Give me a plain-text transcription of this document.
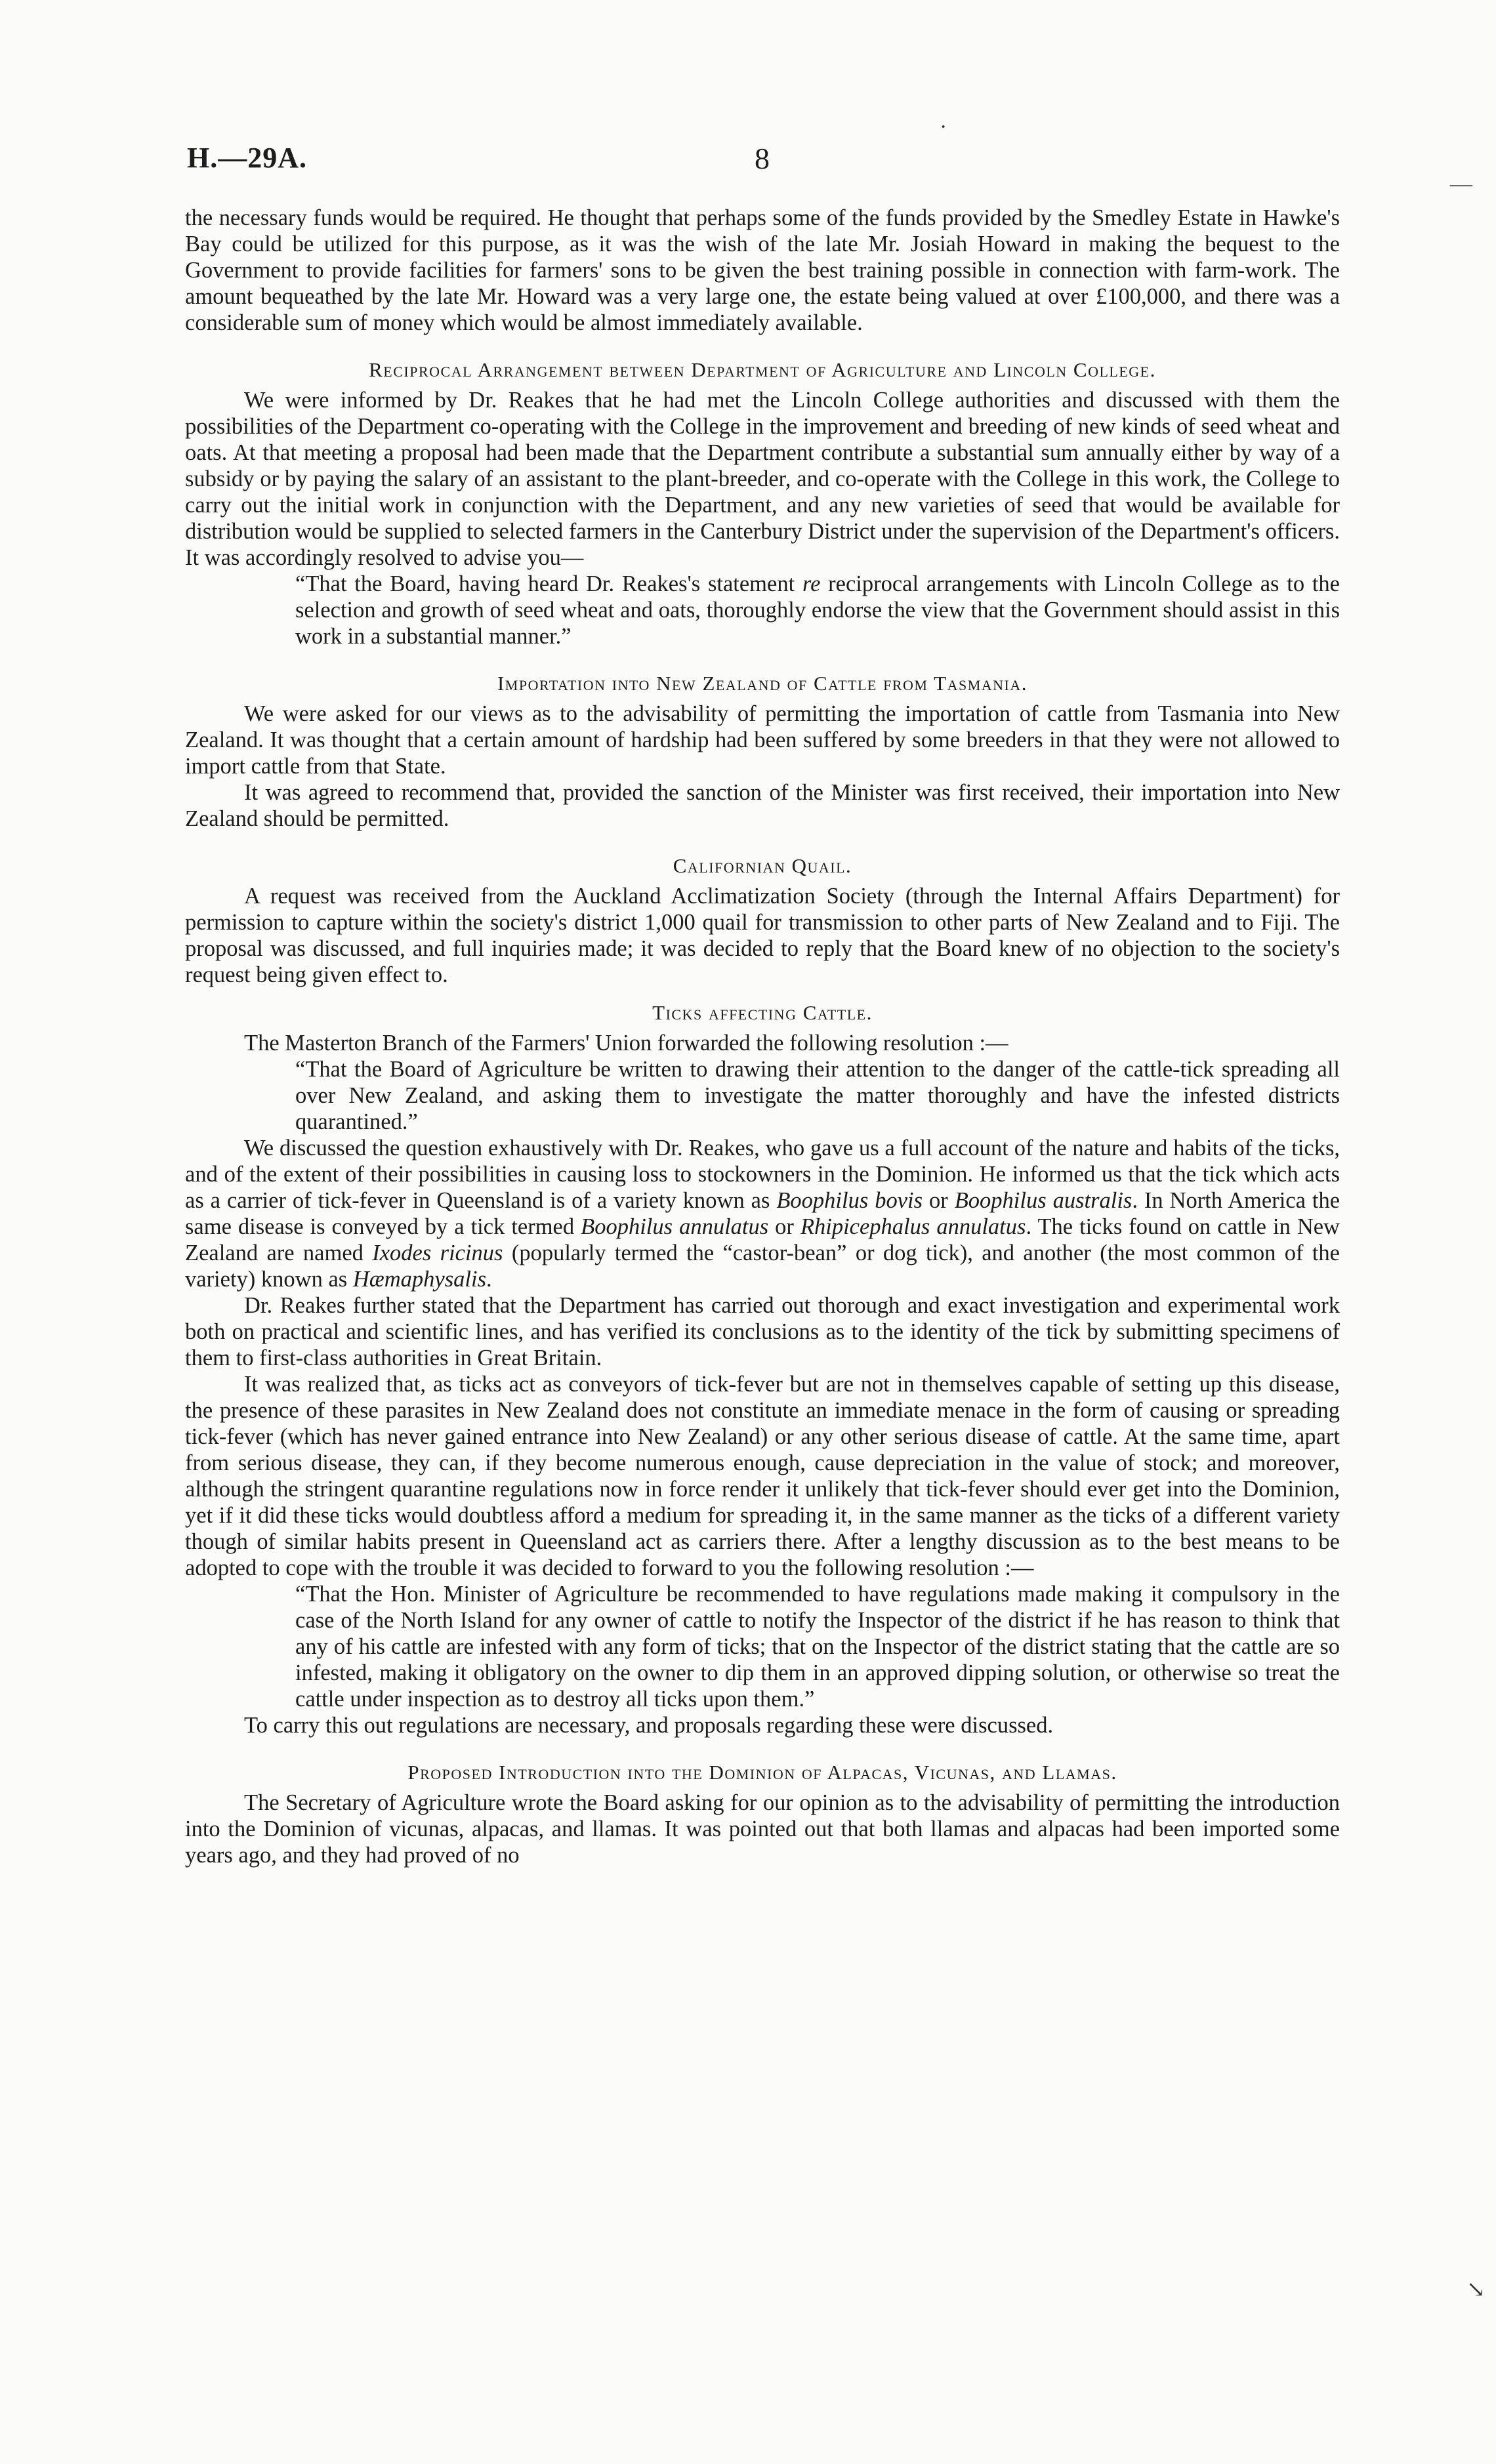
H.—29A.	8
·
—
↘

the necessary funds would be required. He thought that perhaps some of the funds provided by the Smedley Estate in Hawke's Bay could be utilized for this purpose, as it was the wish of the late Mr. Josiah Howard in making the bequest to the Government to provide facilities for farmers' sons to be given the best training possible in connection with farm-work. The amount bequeathed by the late Mr. Howard was a very large one, the estate being valued at over £100,000, and there was a considerable sum of money which would be almost immediately available.

Reciprocal Arrangement between Department of Agriculture and Lincoln College.

We were informed by Dr. Reakes that he had met the Lincoln College authorities and discussed with them the possibilities of the Department co-operating with the College in the improvement and breeding of new kinds of seed wheat and oats. At that meeting a proposal had been made that the Department contribute a substantial sum annually either by way of a subsidy or by paying the salary of an assistant to the plant-breeder, and co-operate with the College in this work, the College to carry out the initial work in conjunction with the Department, and any new varieties of seed that would be available for distribution would be supplied to selected farmers in the Canterbury District under the supervision of the Department's officers. It was accordingly resolved to advise you—

“That the Board, having heard Dr. Reakes's statement re reciprocal arrangements with Lincoln College as to the selection and growth of seed wheat and oats, thoroughly endorse the view that the Government should assist in this work in a substantial manner.”
Importation into New Zealand of Cattle from Tasmania.

We were asked for our views as to the advisability of permitting the importation of cattle from Tasmania into New Zealand. It was thought that a certain amount of hardship had been suffered by some breeders in that they were not allowed to import cattle from that State.

It was agreed to recommend that, provided the sanction of the Minister was first received, their importation into New Zealand should be permitted.

Californian Quail.

A request was received from the Auckland Acclimatization Society (through the Internal Affairs Department) for permission to capture within the society's district 1,000 quail for transmission to other parts of New Zealand and to Fiji. The proposal was discussed, and full inquiries made; it was decided to reply that the Board knew of no objection to the society's request being given effect to.

Ticks affecting Cattle.

The Masterton Branch of the Farmers' Union forwarded the following resolution :—

“That the Board of Agriculture be written to drawing their attention to the danger of the cattle-tick spreading all over New Zealand, and asking them to investigate the matter thoroughly and have the infested districts quarantined.”

We discussed the question exhaustively with Dr. Reakes, who gave us a full account of the nature and habits of the ticks, and of the extent of their possibilities in causing loss to stockowners in the Dominion. He informed us that the tick which acts as a carrier of tick-fever in Queensland is of a variety known as Boophilus bovis or Boophilus australis. In North America the same disease is conveyed by a tick termed Boophilus annulatus or Rhipicephalus annulatus. The ticks found on cattle in New Zealand are named Ixodes ricinus (popularly termed the “castor-bean” or dog tick), and another (the most common of the variety) known as Hæmaphysalis.

Dr. Reakes further stated that the Department has carried out thorough and exact investigation and experimental work both on practical and scientific lines, and has verified its conclusions as to the identity of the tick by submitting specimens of them to first-class authorities in Great Britain.

It was realized that, as ticks act as conveyors of tick-fever but are not in themselves capable of setting up this disease, the presence of these parasites in New Zealand does not constitute an immediate menace in the form of causing or spreading tick-fever (which has never gained entrance into New Zealand) or any other serious disease of cattle. At the same time, apart from serious disease, they can, if they become numerous enough, cause depreciation in the value of stock; and moreover, although the stringent quarantine regulations now in force render it unlikely that tick-fever should ever get into the Dominion, yet if it did these ticks would doubtless afford a medium for spreading it, in the same manner as the ticks of a different variety though of similar habits present in Queensland act as carriers there. After a lengthy discussion as to the best means to be adopted to cope with the trouble it was decided to forward to you the following resolution :—

“That the Hon. Minister of Agriculture be recommended to have regulations made making it compulsory in the case of the North Island for any owner of cattle to notify the Inspector of the district if he has reason to think that any of his cattle are infested with any form of ticks; that on the Inspector of the district stating that the cattle are so infested, making it obligatory on the owner to dip them in an approved dipping solution, or otherwise so treat the cattle under inspection as to destroy all ticks upon them.”

To carry this out regulations are necessary, and proposals regarding these were discussed.

Proposed Introduction into the Dominion of Alpacas, Vicunas, and Llamas.

The Secretary of Agriculture wrote the Board asking for our opinion as to the advisability of permitting the introduction into the Dominion of vicunas, alpacas, and llamas. It was pointed out that both llamas and alpacas had been imported some years ago, and they had proved of no
